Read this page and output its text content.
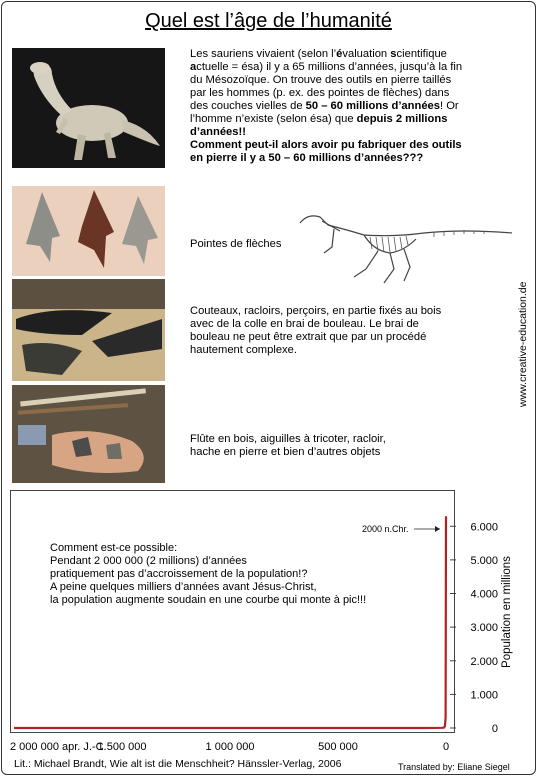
Quel est l’âge de l’humanité
Les sauriens vivaient (selon l’évaluation scientifique actuelle = ésa) il y a 65 millions d’années, jusqu’à la fin du Mésozoïque. On trouve des outils en pierre taillés par les hommes (p. ex. des pointes de flèches) dans des couches vielles de 50 – 60 millions d’années! Or l’homme n’existe (selon ésa) que depuis 2 millions d’années!!
Comment peut-il alors avoir pu fabriquer des outils en pierre il y a 50 – 60 millions d’années???
Pointes de flèches
Couteaux, racloirs, perçoirs, en partie fixés au bois avec de la colle en brai de bouleau. Le brai de bouleau ne peut être extrait que par un procédé hautement complexe.
Flûte en bois, aiguilles à tricoter, racloir, hache en pierre et bien d’autres objets
www.creative-education.de
0
1.000
2.000
3.000
4.000
5.000
6.000
Population en millions
2 000 000 apr. J.-C.
1 500 000	1 000 000	500 000	0
Comment est-ce possible:
Pendant 2 000 000 (2 millions) d’années
pratiquement pas d’accroissement de la population!?
A peine quelques milliers d’années avant Jésus-Christ,
la population augmente soudain en une courbe qui monte à pic!!!
2000 n.Chr.
Lit.: Michael Brandt, Wie alt ist die Menschheit? Hänssler-Verlag, 2006	Translated by: Eliane Siegel
